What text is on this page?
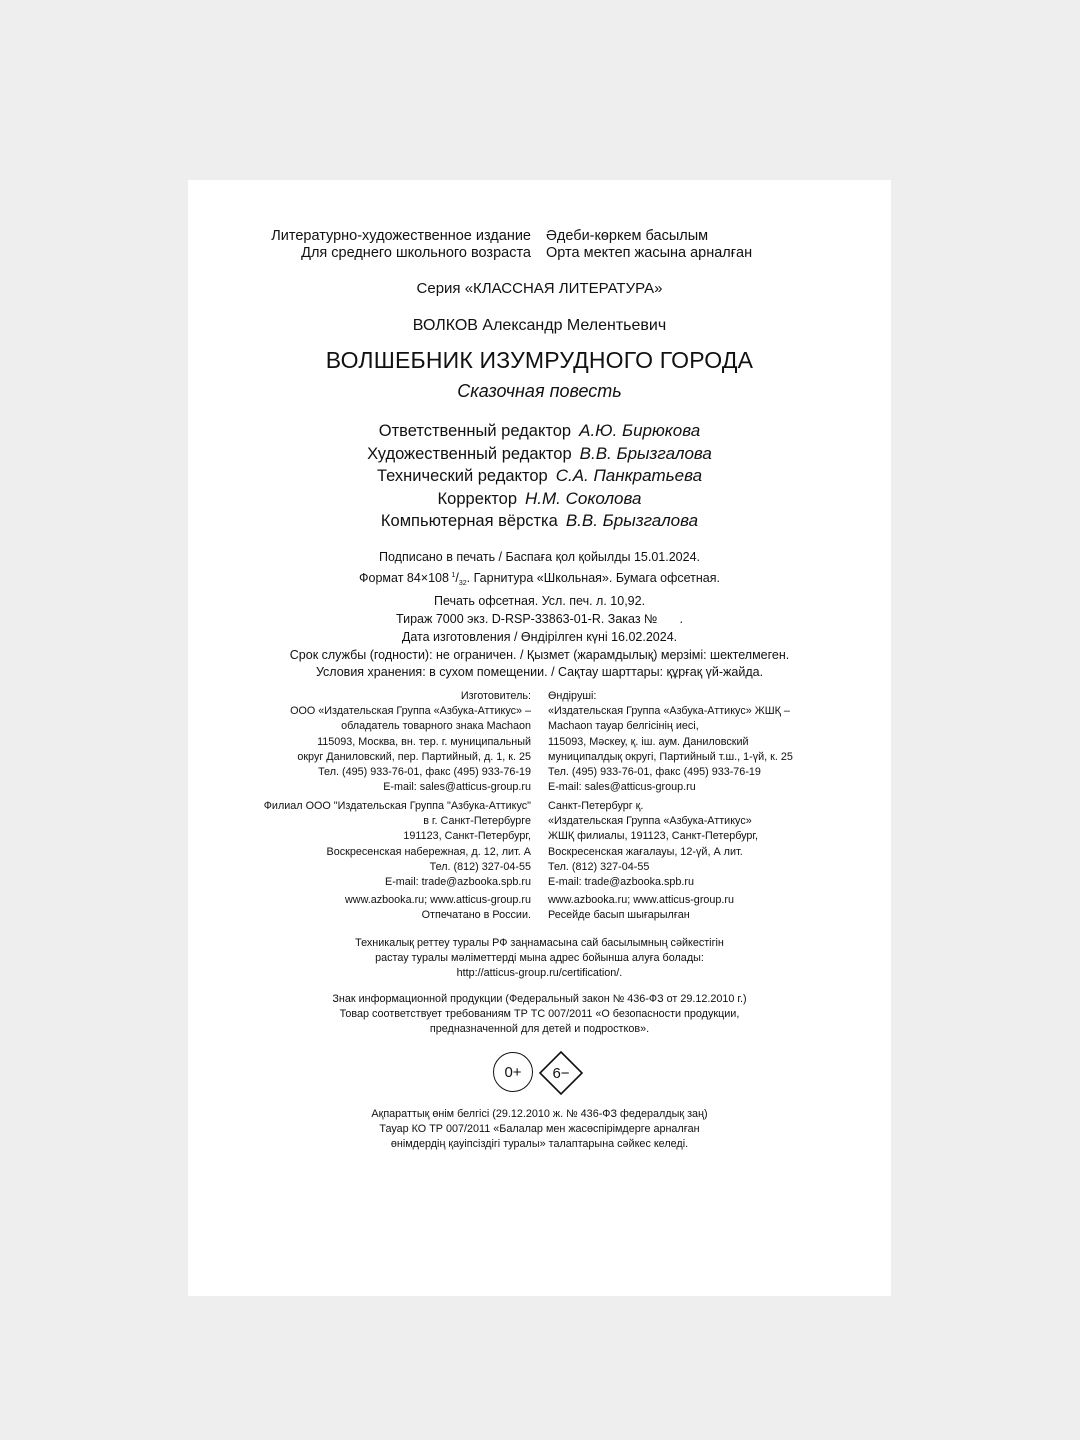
Литературно-художественное издание Әдеби-көркем басылым
Для среднего школьного возраста Орта мектеп жасына арналған
Серия «КЛАССНАЯ ЛИТЕРАТУРА»
ВОЛКОВ Александр Мелентьевич
ВОЛШЕБНИК ИЗУМРУДНОГО ГОРОДА
Сказочная повесть
Ответственный редактор А.Ю. Бирюкова
Художественный редактор В.В. Брызгалова
Технический редактор С.А. Панкратьева
Корректор Н.М. Соколова
Компьютерная вёрстка В.В. Брызгалова
Подписано в печать / Баспаға қол қойылды 15.01.2024.
Формат 84×108  $^1/_{32}$. Гарнитура «Школьная». Бумага офсетная.
Печать офсетная. Усл. печ. л. 10,92.
Тираж 7000 экз. D-RSP-33863-01-R. Заказ № .
Дата изготовления / Өндірілген күні 16.02.2024.
Срок службы (годности): не ограничен. / Қызмет (жарамдылық) мерзімі: шектелмеген.
Условия хранения: в сухом помещении. / Сақтау шарттары: құрғақ үй-жайда.
Изготовитель:
ООО «Издательская Группа «Азбука-Аттикус» –
обладатель товарного знака Machaon
115093, Москва, вн. тер. г. муниципальный
округ Даниловский, пер. Партийный, д. 1, к. 25
Тел. (495) 933-76-01, факс (495) 933-76-19
E-mail: sales@atticus-group.ru
Өндіруші:
«Издательская Группа «Азбука-Аттикус» ЖШҚ –
Machaon тауар белгісінің иесі,
115093, Мәскеу, қ. іш. аум. Даниловский
муниципалдық округі, Партийный т.ш., 1-үй, к. 25
Тел. (495) 933-76-01, факс (495) 933-76-19
E-mail: sales@atticus-group.ru
Филиал ООО "Издательская Группа "Азбука-Аттикус"
в г. Санкт-Петербурге
191123, Санкт-Петербург,
Воскресенская набережная, д. 12, лит. А
Тел. (812) 327-04-55
E-mail: trade@azbooka.spb.ru
Санкт-Петербург қ.
«Издательская Группа «Азбука-Аттикус»
ЖШҚ филиалы, 191123, Санкт-Петербург,
Воскресенская жағалауы, 12-үй, А лит.
Тел. (812) 327-04-55
E-mail: trade@azbooka.spb.ru
www.azbooka.ru; www.atticus-group.ru
Отпечатано в России.
www.azbooka.ru; www.atticus-group.ru
Ресейде басып шығарылған
Техникалық реттеу туралы РФ заңнамасына сай басылымның сәйкестігін
растау туралы мәліметтерді мына адрес бойынша алуға болады:
http://atticus-group.ru/certification/.
Знак информационной продукции (Федеральный закон № 436-ФЗ от 29.12.2010 г.)
Товар соответствует требованиям ТР ТС 007/2011 «О безопасности продукции,
предназначенной для детей и подростков».
0+	6−
Ақпараттық өнім белгісі (29.12.2010 ж. № 436-ФЗ федералдық заң)
Тауар КО ТР 007/2011 «Балалар мен жасөспірімдерге арналған
өнімдердің қауіпсіздігі туралы» талаптарына сәйкес келеді.
